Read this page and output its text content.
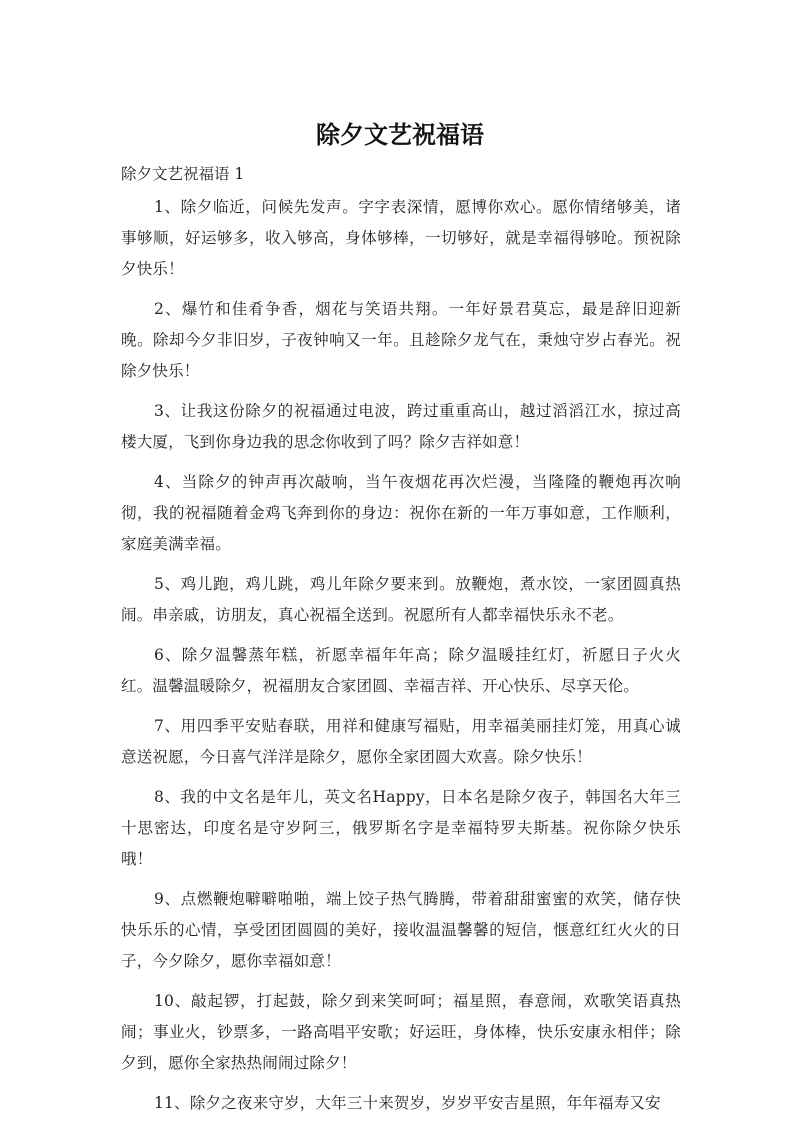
除夕文艺祝福语
除夕文艺祝福语 1

1、除夕临近，问候先发声。字字表深情，愿博你欢心。愿你情绪够美，诸事够顺，好运够多，收入够高，身体够棒，一切够好，就是幸福得够呛。预祝除夕快乐！

2、爆竹和佳肴争香，烟花与笑语共翔。一年好景君莫忘，最是辞旧迎新晚。除却今夕非旧岁，子夜钟响又一年。且趁除夕龙气在，秉烛守岁占春光。祝除夕快乐！

3、让我这份除夕的祝福通过电波，跨过重重高山，越过滔滔江水，掠过高楼大厦，飞到你身边我的思念你收到了吗？除夕吉祥如意！

4、当除夕的钟声再次敲响，当午夜烟花再次烂漫，当隆隆的鞭炮再次响彻，我的祝福随着金鸡飞奔到你的身边：祝你在新的一年万事如意，工作顺利，家庭美满幸福。

5、鸡儿跑，鸡儿跳，鸡儿年除夕要来到。放鞭炮，煮水饺，一家团圆真热闹。串亲戚，访朋友，真心祝福全送到。祝愿所有人都幸福快乐永不老。

6、除夕温馨蒸年糕，祈愿幸福年年高；除夕温暖挂红灯，祈愿日子火火红。温馨温暖除夕，祝福朋友合家团圆、幸福吉祥、开心快乐、尽享天伦。

7、用四季平安贴春联，用祥和健康写福贴，用幸福美丽挂灯笼，用真心诚意送祝愿，今日喜气洋洋是除夕，愿你全家团圆大欢喜。除夕快乐！

8、我的中文名是年儿，英文名Happy，日本名是除夕夜子，韩国名大年三十思密达，印度名是守岁阿三，俄罗斯名字是幸福特罗夫斯基。祝你除夕快乐哦！

9、点燃鞭炮噼噼啪啪，端上饺子热气腾腾，带着甜甜蜜蜜的欢笑，储存快快乐乐的心情，享受团团圆圆的美好，接收温温馨馨的短信，惬意红红火火的日子，今夕除夕，愿你幸福如意！

10、敲起锣，打起鼓，除夕到来笑呵呵；福星照，春意闹，欢歌笑语真热闹；事业火，钞票多，一路高唱平安歌；好运旺，身体棒，快乐安康永相伴；除夕到，愿你全家热热闹闹过除夕！

11、除夕之夜来守岁，大年三十来贺岁，岁岁平安吉星照，年年福寿又安
